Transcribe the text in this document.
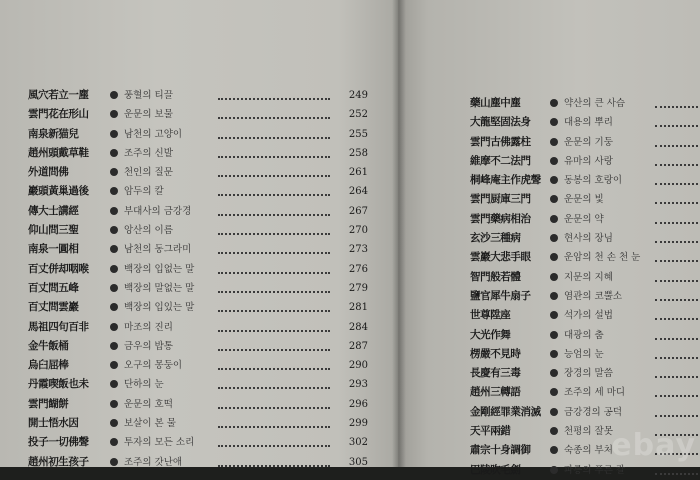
風穴若立一塵	풍혈의 티끌	249
雲門花在形山	운문의 보물	252
南泉新猫兒	남천의 고양이	255
趙州頭戴草鞋	조주의 신발	258
外道問佛	천인의 질문	261
巖頭黃巢過後	암두의 칼	264
傳大士講經	부대사의 금강경	267
仰山問三聖	앙산의 이름	270
南泉一圓相	남천의 동그라미	273
百丈併却咽喉	백장의 입없는 말	276
百丈問五峰	백장의 말없는 말	279
百丈問雲巖	백장의 입있는 말	281
馬祖四句百非	마조의 진리	284
金牛飯桶	금우의 밥통	287
烏臼屈棒	오구의 몽둥이	290
丹霞喫飯也未	단하의 눈	293
雲門餬餅	운문의 호떡	296
開士悟水因	보살이 본 물	299
投子一切佛聲	투자의 모든 소리	302
趙州初生孩子	조주의 갓난애	305
藥山塵中塵	약산의 큰 사슴
大龍堅固法身	대용의 뿌리
雲門古佛露柱	운문의 기둥
維摩不二法門	유마의 사랑
桐峰庵主作虎聲 동봉의 호랑이
雲門厨庫三門	운문의 빛
雲門藥病相治	운문의 약
玄沙三種病	현사의 장님
雲巖大悲手眼	운암의 천 손 천 눈
智門般若體	지문의 지혜
鹽官犀牛扇子	염관의 코뿔소
世尊陞座	석가의 설법
大光作舞	대광의 춤
楞嚴不見時	능엄의 눈
長慶有三毒	장경의 말씀
趙州三轉語	조주의 세 마디
金剛經罪業消滅 금강경의 공덕
天平兩錯	천평의 잘못
肅宗十身調御	숙종의 부처
巴陵吹毛劍	파릉의 푸른 칼
ebay
